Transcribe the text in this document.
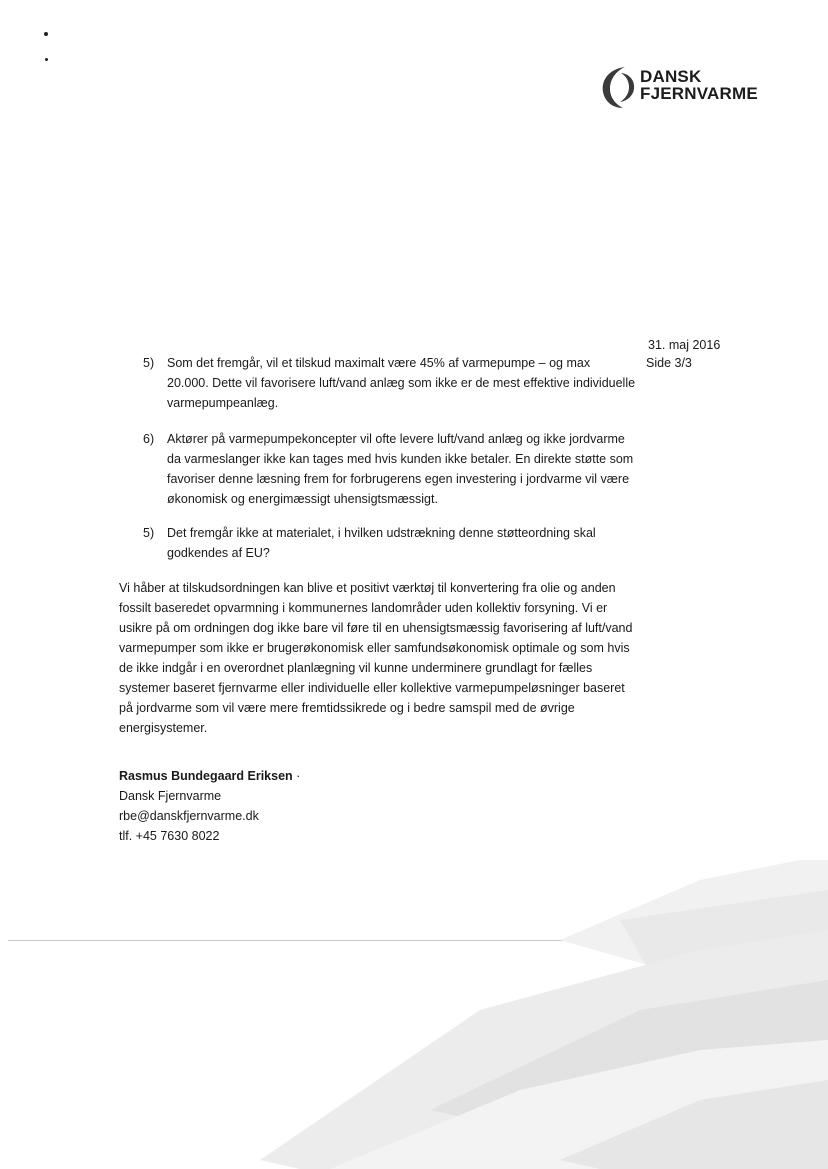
DANSK
FJERNVARME
31. maj 2016
Side 3/3
5) Som det fremgår, vil et tilskud maximalt være 45% af varmepumpe – og max
20.000. Dette vil favorisere luft/vand anlæg som ikke er de mest effektive individuelle
varmepumpeanlæg.
6) Aktører på varmepumpekoncepter vil ofte levere luft/vand anlæg og ikke jordvarme
da varmeslanger ikke kan tages med hvis kunden ikke betaler. En direkte støtte som
favoriser denne læsning frem for forbrugerens egen investering i jordvarme vil være
økonomisk og energimæssigt uhensigtsmæssigt.
5) Det fremgår ikke at materialet, i hvilken udstrækning denne støtteordning skal
godkendes af EU?
Vi håber at tilskudsordningen kan blive et positivt værktøj til konvertering fra olie og anden
fossilt baseredet opvarmning i kommunernes landområder uden kollektiv forsyning. Vi er
usikre på om ordningen dog ikke bare vil føre til en uhensigtsmæssig favorisering af luft/vand
varmepumper som ikke er brugerøkonomisk eller samfundsøkonomisk optimale og som hvis
de ikke indgår i en overordnet planlægning vil kunne underminere grundlagt for fælles
systemer baseret fjernvarme eller individuelle eller kollektive varmepumpeløsninger baseret
på jordvarme som vil være mere fremtidssikrede og i bedre samspil med de øvrige
energisystemer.
Rasmus Bundegaard Eriksen ·
Dansk Fjernvarme
rbe@danskfjernvarme.dk
tlf. +45 7630 8022
